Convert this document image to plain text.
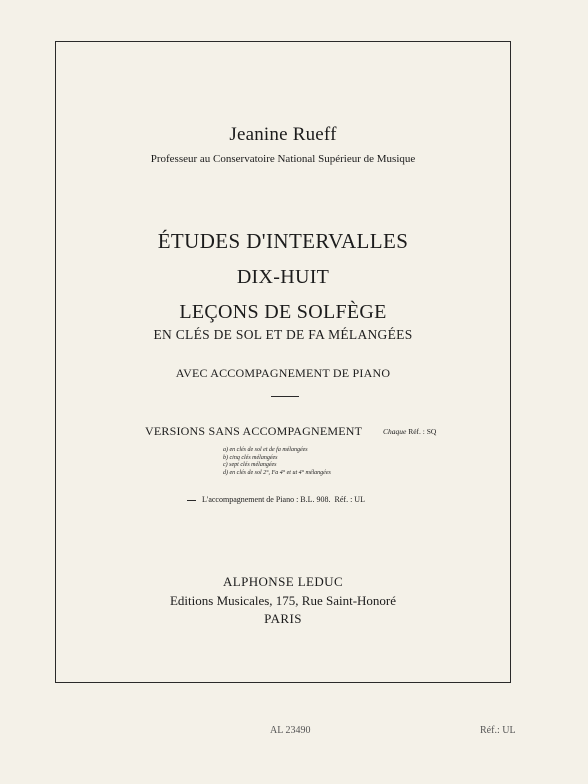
Jeanine Rueff
Professeur au Conservatoire National Supérieur de Musique
ÉTUDES D'INTERVALLES
DIX-HUIT
LEÇONS DE SOLFÈGE
EN CLÉS DE SOL ET DE FA MÉLANGÉES
AVEC ACCOMPAGNEMENT DE PIANO
VERSIONS SANS ACCOMPAGNEMENT	Chaque Réf. : SQ
a) en clés de sol et de fa mélangées
b) cinq clés mélangées
c) sept clés mélangées
d) en clés de sol 2°, Fa 4° et ut 4° mélangées
L'accompagnement de Piano : B.L. 908. Réf. : UL
ALPHONSE LEDUC
Editions Musicales, 175, Rue Saint-Honoré
PARIS
AL 23490	Réf.: UL
